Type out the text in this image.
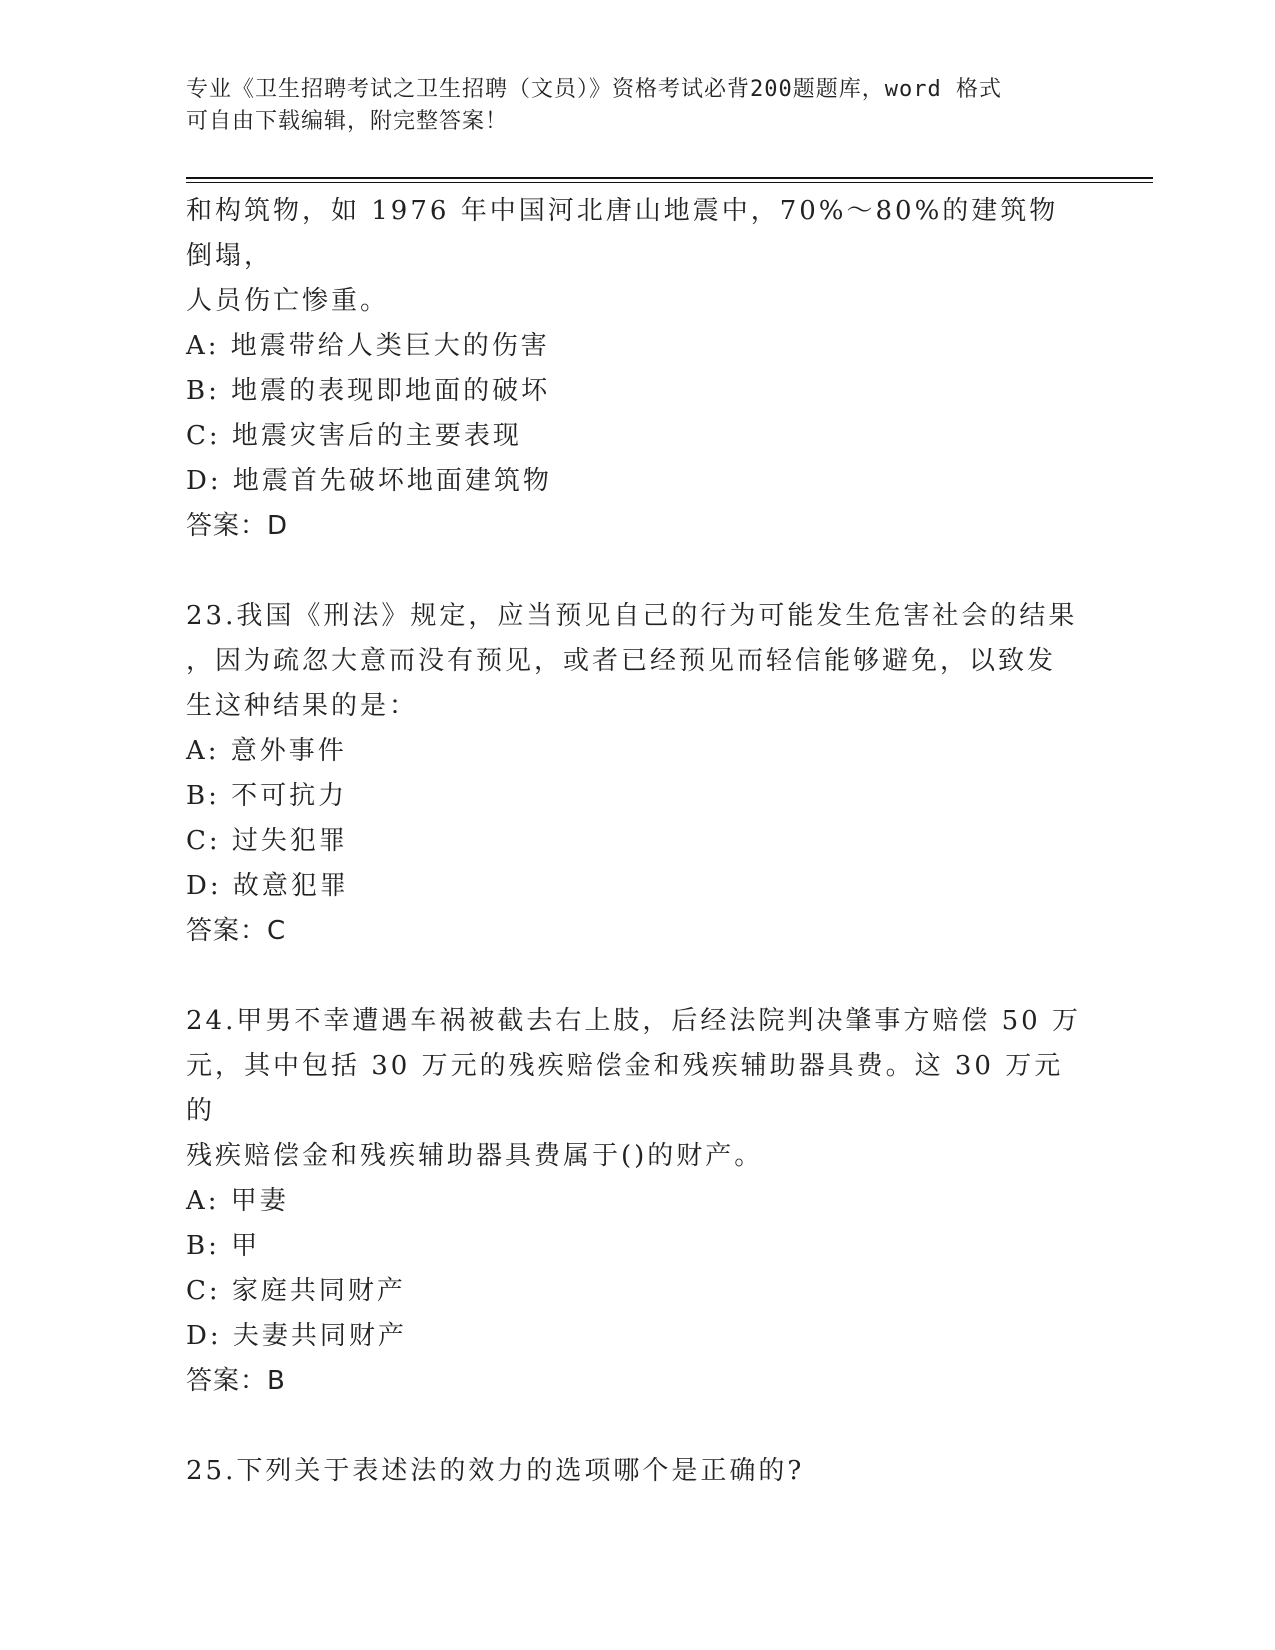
专业《卫生招聘考试之卫生招聘（文员）》资格考试必背200题题库，word 格式
可自由下载编辑，附完整答案！

和构筑物，如 1976 年中国河北唐山地震中，70%～80%的建筑物倒塌，

人员伤亡惨重。

A: 地震带给人类巨大的伤害

B: 地震的表现即地面的破坏

C: 地震灾害后的主要表现

D: 地震首先破坏地面建筑物

答案：D

23.我国《刑法》规定，应当预见自己的行为可能发生危害社会的结果

，因为疏忽大意而没有预见，或者已经预见而轻信能够避免，以致发

生这种结果的是：

A: 意外事件

B: 不可抗力

C: 过失犯罪

D: 故意犯罪

答案：C

24.甲男不幸遭遇车祸被截去右上肢，后经法院判决肇事方赔偿 50 万

元，其中包括 30 万元的残疾赔偿金和残疾辅助器具费。这 30 万元的

残疾赔偿金和残疾辅助器具费属于()的财产。

A: 甲妻

B: 甲

C: 家庭共同财产

D: 夫妻共同财产

答案：B

25.下列关于表述法的效力的选项哪个是正确的?
